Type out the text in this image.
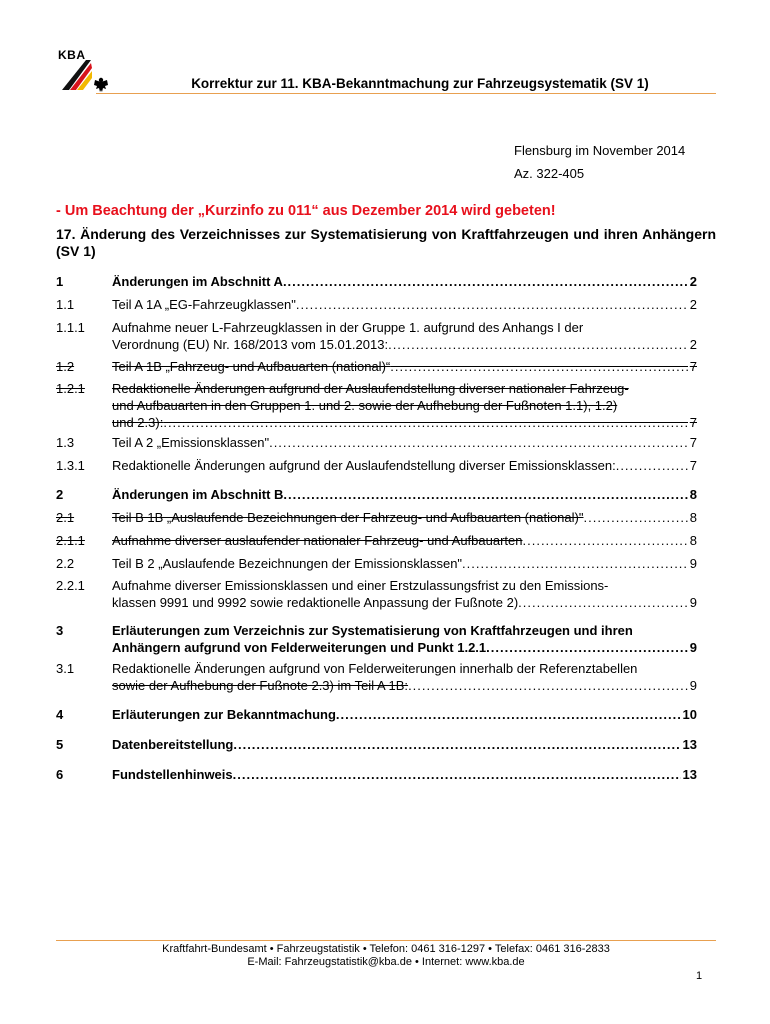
KBA
Korrektur zur 11. KBA-Bekanntmachung zur Fahrzeugsystematik (SV 1)
Flensburg im November 2014
Az. 322-405
- Um Beachtung der „Kurzinfo zu 011“ aus Dezember 2014 wird gebeten!
17. Änderung des Verzeichnisses zur Systematisierung von Kraftfahrzeugen und ihren Anhängern (SV 1)
1	Änderungen im Abschnitt A .....	2
1.1	Teil A 1A „EG-Fahrzeugklassen" .....	2
1.1.1 Aufnahme neuer L-Fahrzeugklassen in der Gruppe 1. aufgrund des Anhangs I der
Verordnung (EU) Nr. 168/2013 vom 15.01.2013: .....	2
1.2	Teil A 1B „Fahrzeug- und Aufbauarten (national)“ .....	7
1.2.1 Redaktionelle Änderungen aufgrund der Auslaufendstellung diverser nationaler Fahrzeug-
und Aufbauarten in den Gruppen 1. und 2. sowie der Aufhebung der Fußnoten 1.1), 1.2)
und 2.3): .....	7
1.3	Teil A 2 „Emissionsklassen" .....	7
1.3.1 Redaktionelle Änderungen aufgrund der Auslaufendstellung diverser Emissionsklassen: .....	7
2	Änderungen im Abschnitt B .....	8
2.1	Teil B 1B „Auslaufende Bezeichnungen der Fahrzeug- und Aufbauarten (national)" .....	8
2.1.1 Aufnahme diverser auslaufender nationaler Fahrzeug- und Aufbauarten .....	8
2.2	Teil B 2 „Auslaufende Bezeichnungen der Emissionsklassen" .....	9
2.2.1 Aufnahme diverser Emissionsklassen und einer Erstzulassungsfrist zu den Emissions-
klassen 9991 und 9992 sowie redaktionelle Anpassung der Fußnote 2) .....	9
3	Erläuterungen zum Verzeichnis zur Systematisierung von Kraftfahrzeugen und ihren
Anhängern aufgrund von Felderweiterungen und Punkt 1.2.1 .....	9
3.1	Redaktionelle Änderungen aufgrund von Felderweiterungen innerhalb der Referenztabellen
sowie der Aufhebung der Fußnote 2.3) im Teil A 1B: .....	9
4	Erläuterungen zur Bekanntmachung .....	10
5	Datenbereitstellung .....	13
6	Fundstellenhinweis .....	13
Kraftfahrt-Bundesamt • Fahrzeugstatistik • Telefon: 0461 316-1297 • Telefax: 0461 316-2833
E-Mail: Fahrzeugstatistik@kba.de • Internet: www.kba.de
1
